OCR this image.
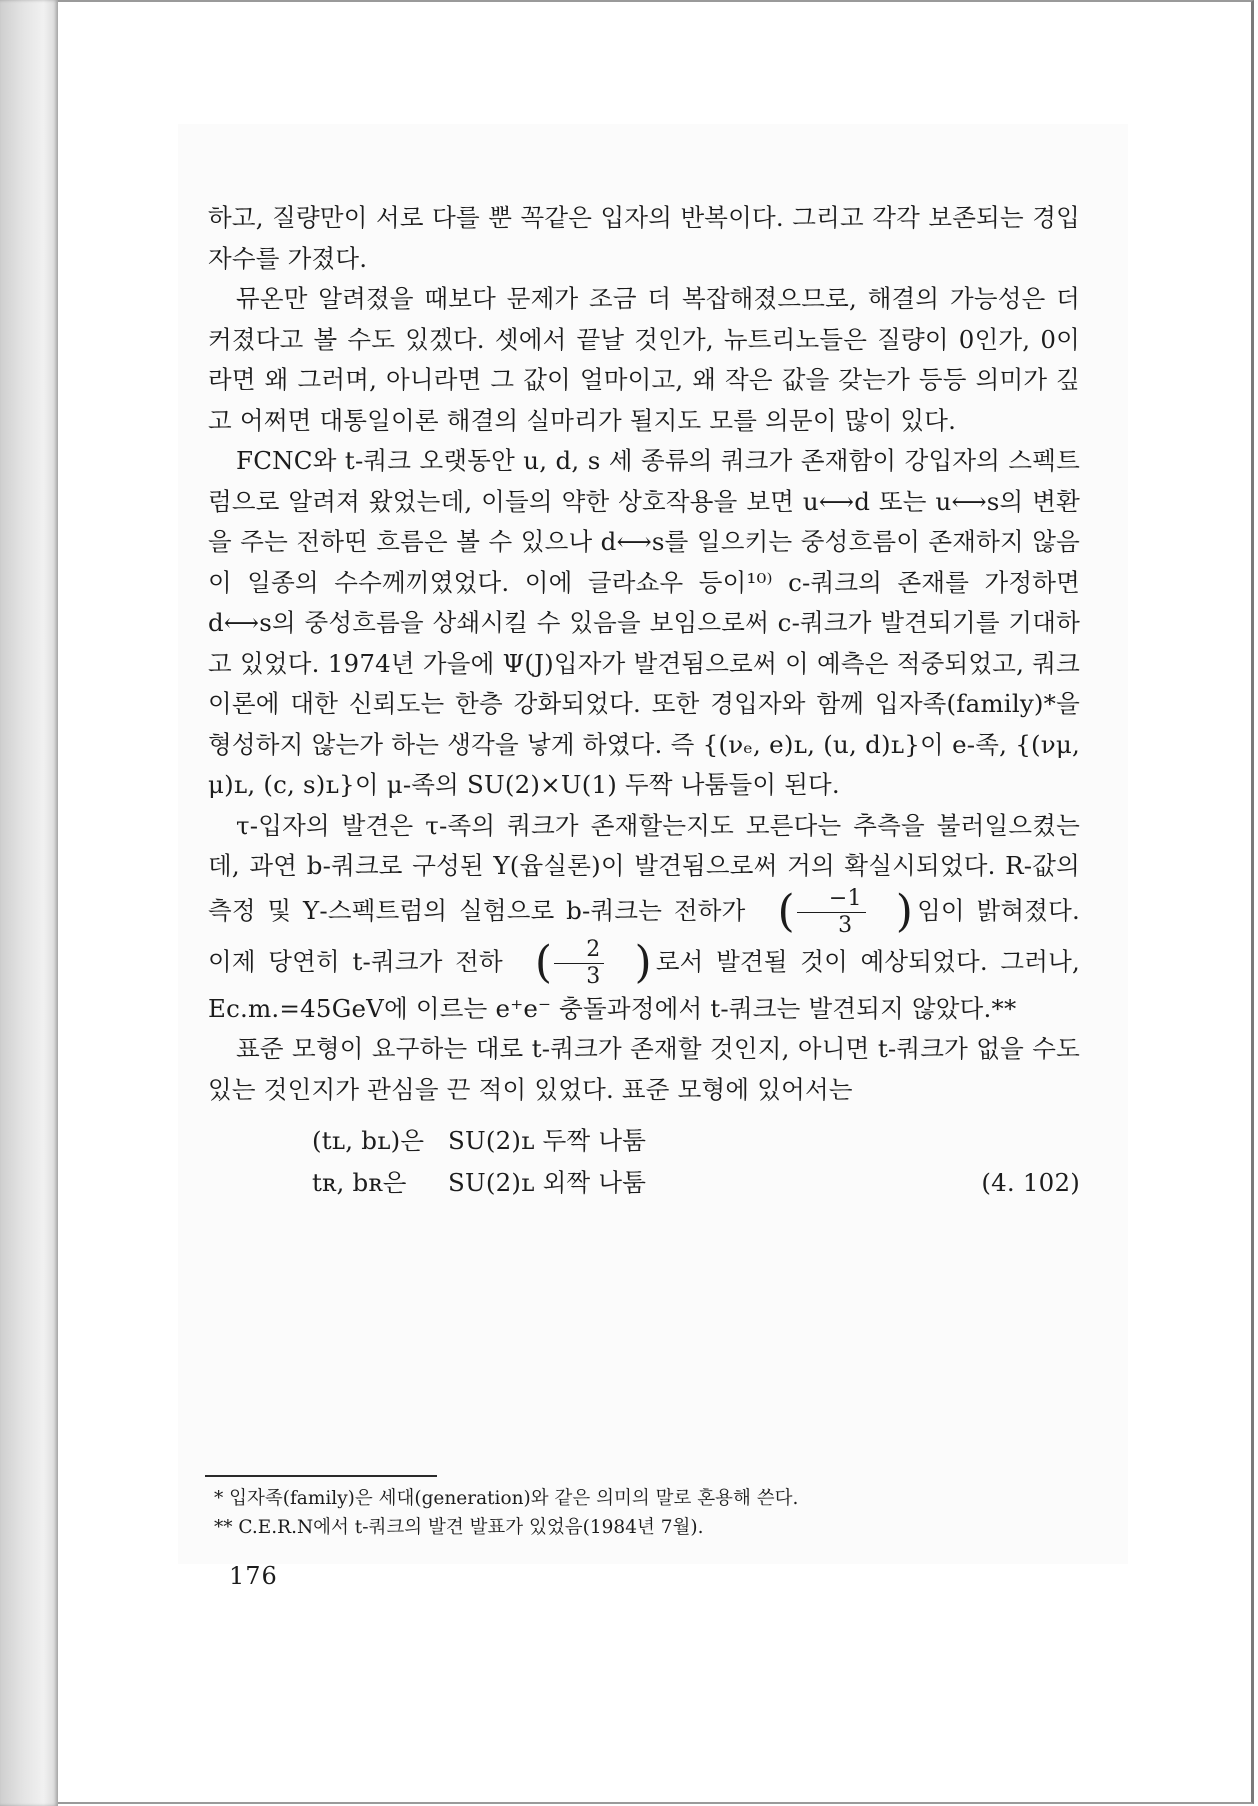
하고, 질량만이 서로 다를 뿐 꼭같은 입자의 반복이다. 그리고 각각 보존되는 경입자수를 가졌다.

뮤온만 알려졌을 때보다 문제가 조금 더 복잡해졌으므로, 해결의 가능성은 더 커졌다고 볼 수도 있겠다. 셋에서 끝날 것인가, 뉴트리노들은 질량이 0인가, 0이라면 왜 그러며, 아니라면 그 값이 얼마이고, 왜 작은 값을 갖는가 등등 의미가 깊고 어쩌면 대통일이론 해결의 실마리가 될지도 모를 의문이 많이 있다.

FCNC와 t-쿼크 오랫동안 u, d, s 세 종류의 쿼크가 존재함이 강입자의 스펙트럼으로 알려져 왔었는데, 이들의 약한 상호작용을 보면 u⟷d 또는 u⟷s의 변환을 주는 전하띤 흐름은 볼 수 있으나 d⟷s를 일으키는 중성흐름이 존재하지 않음이 일종의 수수께끼였었다. 이에 글라쇼우 등이¹⁰⁾ c-쿼크의 존재를 가정하면 d⟷s의 중성흐름을 상쇄시킬 수 있음을 보임으로써 c-쿼크가 발견되기를 기대하고 있었다. 1974년 가을에 Ψ(J)입자가 발견됨으로써 이 예측은 적중되었고, 쿼크이론에 대한 신뢰도는 한층 강화되었다. 또한 경입자와 함께 입자족(family)*을 형성하지 않는가 하는 생각을 낳게 하였다. 즉 {(νₑ, e)ʟ, (u, d)ʟ}이 e-족, {(νμ, μ)ʟ, (c, s)ʟ}이 μ-족의 SU(2)×U(1) 두짝 나툼들이 된다.

τ-입자의 발견은 τ-족의 쿼크가 존재할는지도 모른다는 추측을 불러일으켰는데, 과연 b-쿼크로 구성된 Υ(윱실론)이 발견됨으로써 거의 확실시되었다. R-값의 측정 및 Υ-스펙트럼의 실험으로 b-쿼크는 전하가 ( $\frac{-1}{3}$ ) 임이 밝혀졌다. 이제 당연히 t-쿼크가 전하 ( $\frac{2}{3}$ ) 로서 발견될 것이 예상되었다. 그러나, Ec.m.=45GeV에 이르는 e⁺e⁻ 충돌과정에서 t-쿼크는 발견되지 않았다.**

표준 모형이 요구하는 대로 t-쿼크가 존재할 것인지, 아니면 t-쿼크가 없을 수도 있는 것인지가 관심을 끈 적이 있었다. 표준 모형에 있어서는

(tʟ, bʟ)은 SU(2)ʟ 두짝 나툼
tʀ, bʀ은	SU(2)ʟ 외짝 나툼	(4. 102)

* 입자족(family)은 세대(generation)와 같은 의미의 말로 혼용해 쓴다.

** C.E.R.N에서 t-쿼크의 발견 발표가 있었음(1984년 7월).

176
